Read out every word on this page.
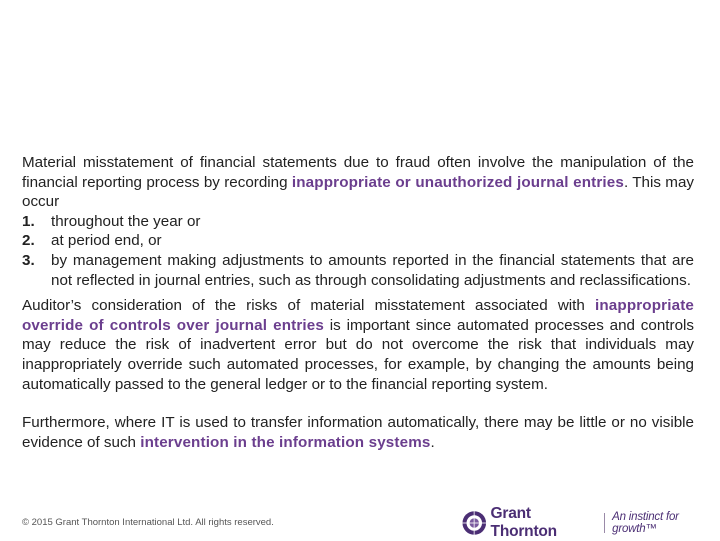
Material misstatement of financial statements due to fraud often involve the manipulation of the financial reporting process by recording inappropriate or unauthorized journal entries. This may occur

1. throughout the year or
2. at period end, or
3. by management making adjustments to amounts reported in the financial statements that are not reflected in journal entries, such as through consolidating adjustments and reclassifications.

Auditor’s consideration of the risks of material misstatement associated with inappropriate override of controls over journal entries is important since automated processes and controls may reduce the risk of inadvertent error but do not overcome the risk that individuals may inappropriately override such automated processes, for example, by changing the amounts being automatically passed to the general ledger or to the financial reporting system.

Furthermore, where IT is used to transfer information automatically, there may be little or no visible evidence of such intervention in the information systems.

© 2015 Grant Thornton International Ltd. All rights reserved.
Grant Thornton
An instinct for growth™
